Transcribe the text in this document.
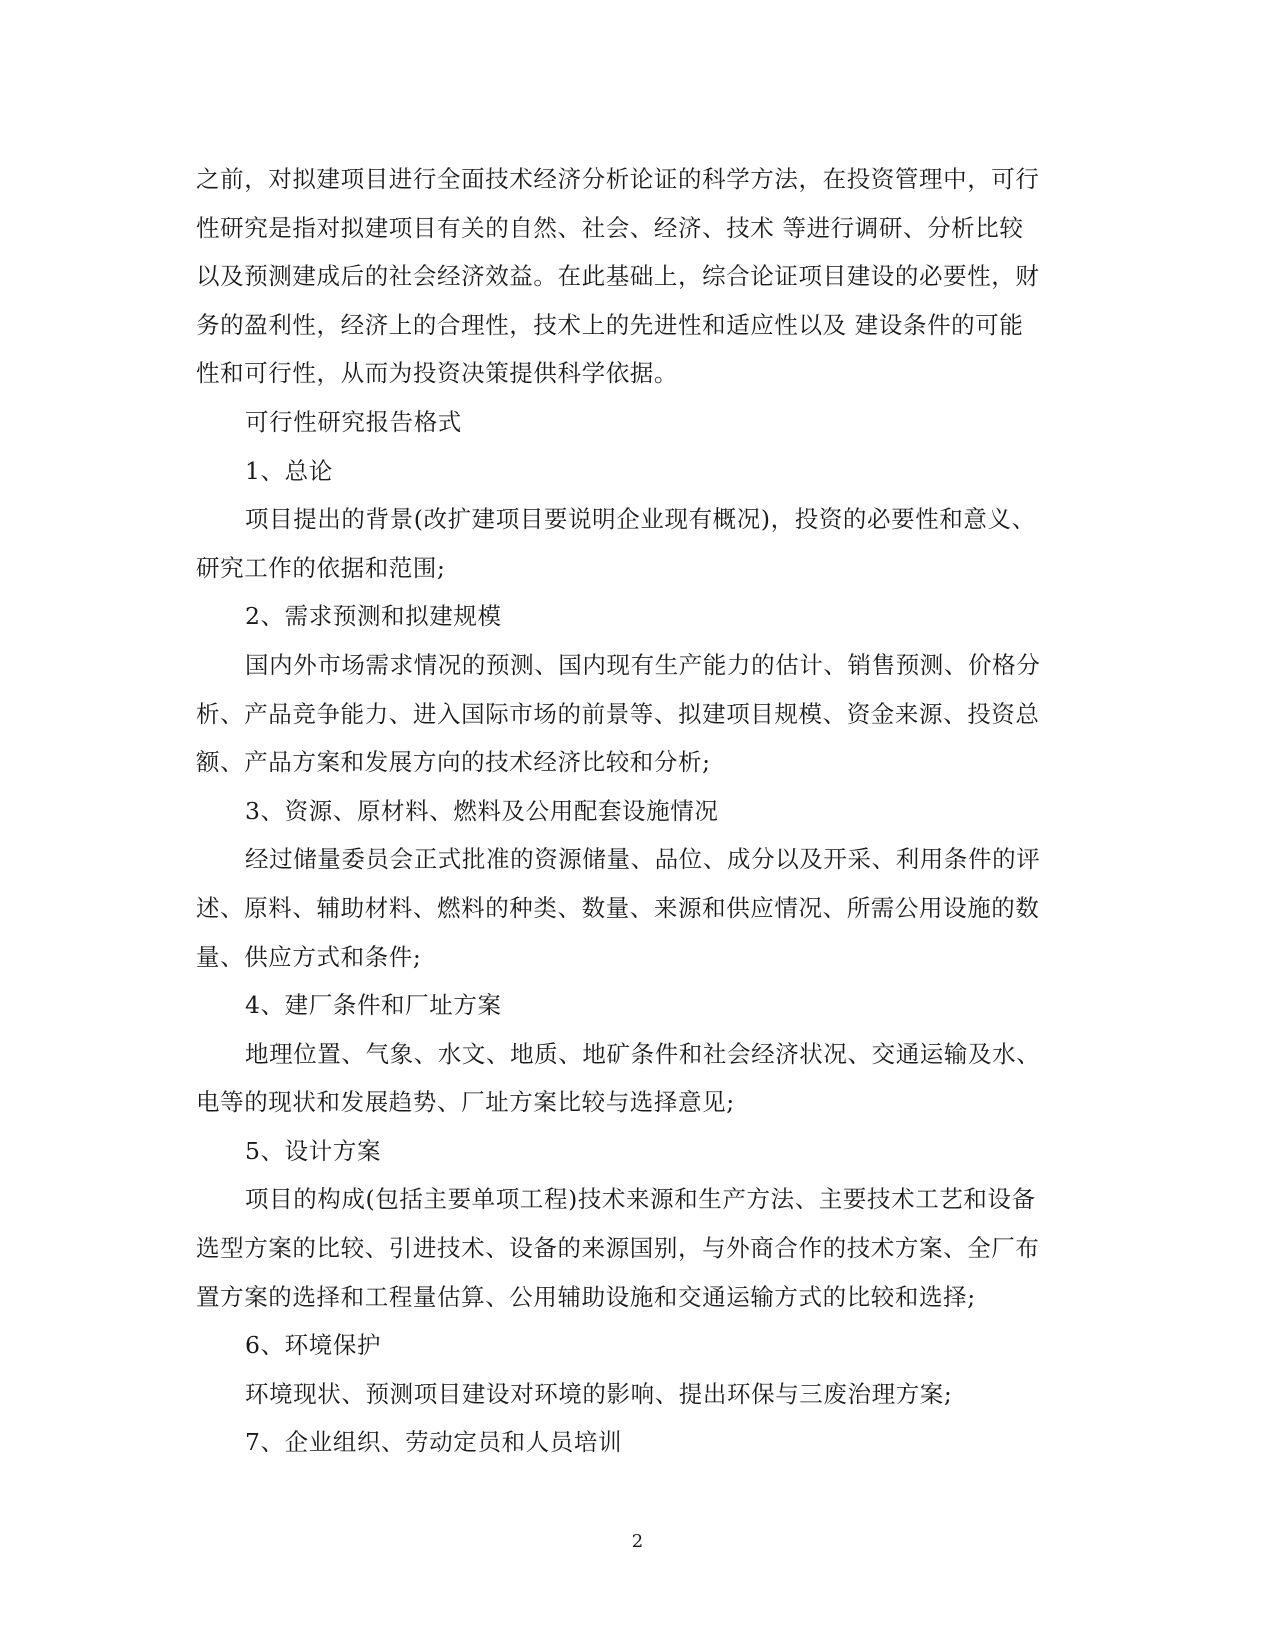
之前，对拟建项目进行全面技术经济分析论证的科学方法，在投资管理中，可行

性研究是指对拟建项目有关的自然、社会、经济、技术 等进行调研、分析比较

以及预测建成后的社会经济效益。在此基础上，综合论证项目建设的必要性，财

务的盈利性，经济上的合理性，技术上的先进性和适应性以及 建设条件的可能

性和可行性，从而为投资决策提供科学依据。

可行性研究报告格式

1、总论

项目提出的背景(改扩建项目要说明企业现有概况)，投资的必要性和意义、

研究工作的依据和范围;

2、需求预测和拟建规模

国内外市场需求情况的预测、国内现有生产能力的估计、销售预测、价格分

析、产品竞争能力、进入国际市场的前景等、拟建项目规模、资金来源、投资总

额、产品方案和发展方向的技术经济比较和分析;

3、资源、原材料、燃料及公用配套设施情况

经过储量委员会正式批准的资源储量、品位、成分以及开采、利用条件的评

述、原料、辅助材料、燃料的种类、数量、来源和供应情况、所需公用设施的数

量、供应方式和条件;

4、建厂条件和厂址方案

地理位置、气象、水文、地质、地矿条件和社会经济状况、交通运输及水、

电等的现状和发展趋势、厂址方案比较与选择意见;

5、设计方案

项目的构成(包括主要单项工程)技术来源和生产方法、主要技术工艺和设备

选型方案的比较、引进技术、设备的来源国别，与外商合作的技术方案、全厂布

置方案的选择和工程量估算、公用辅助设施和交通运输方式的比较和选择;

6、环境保护

环境现状、预测项目建设对环境的影响、提出环保与三废治理方案;

7、企业组织、劳动定员和人员培训

2
